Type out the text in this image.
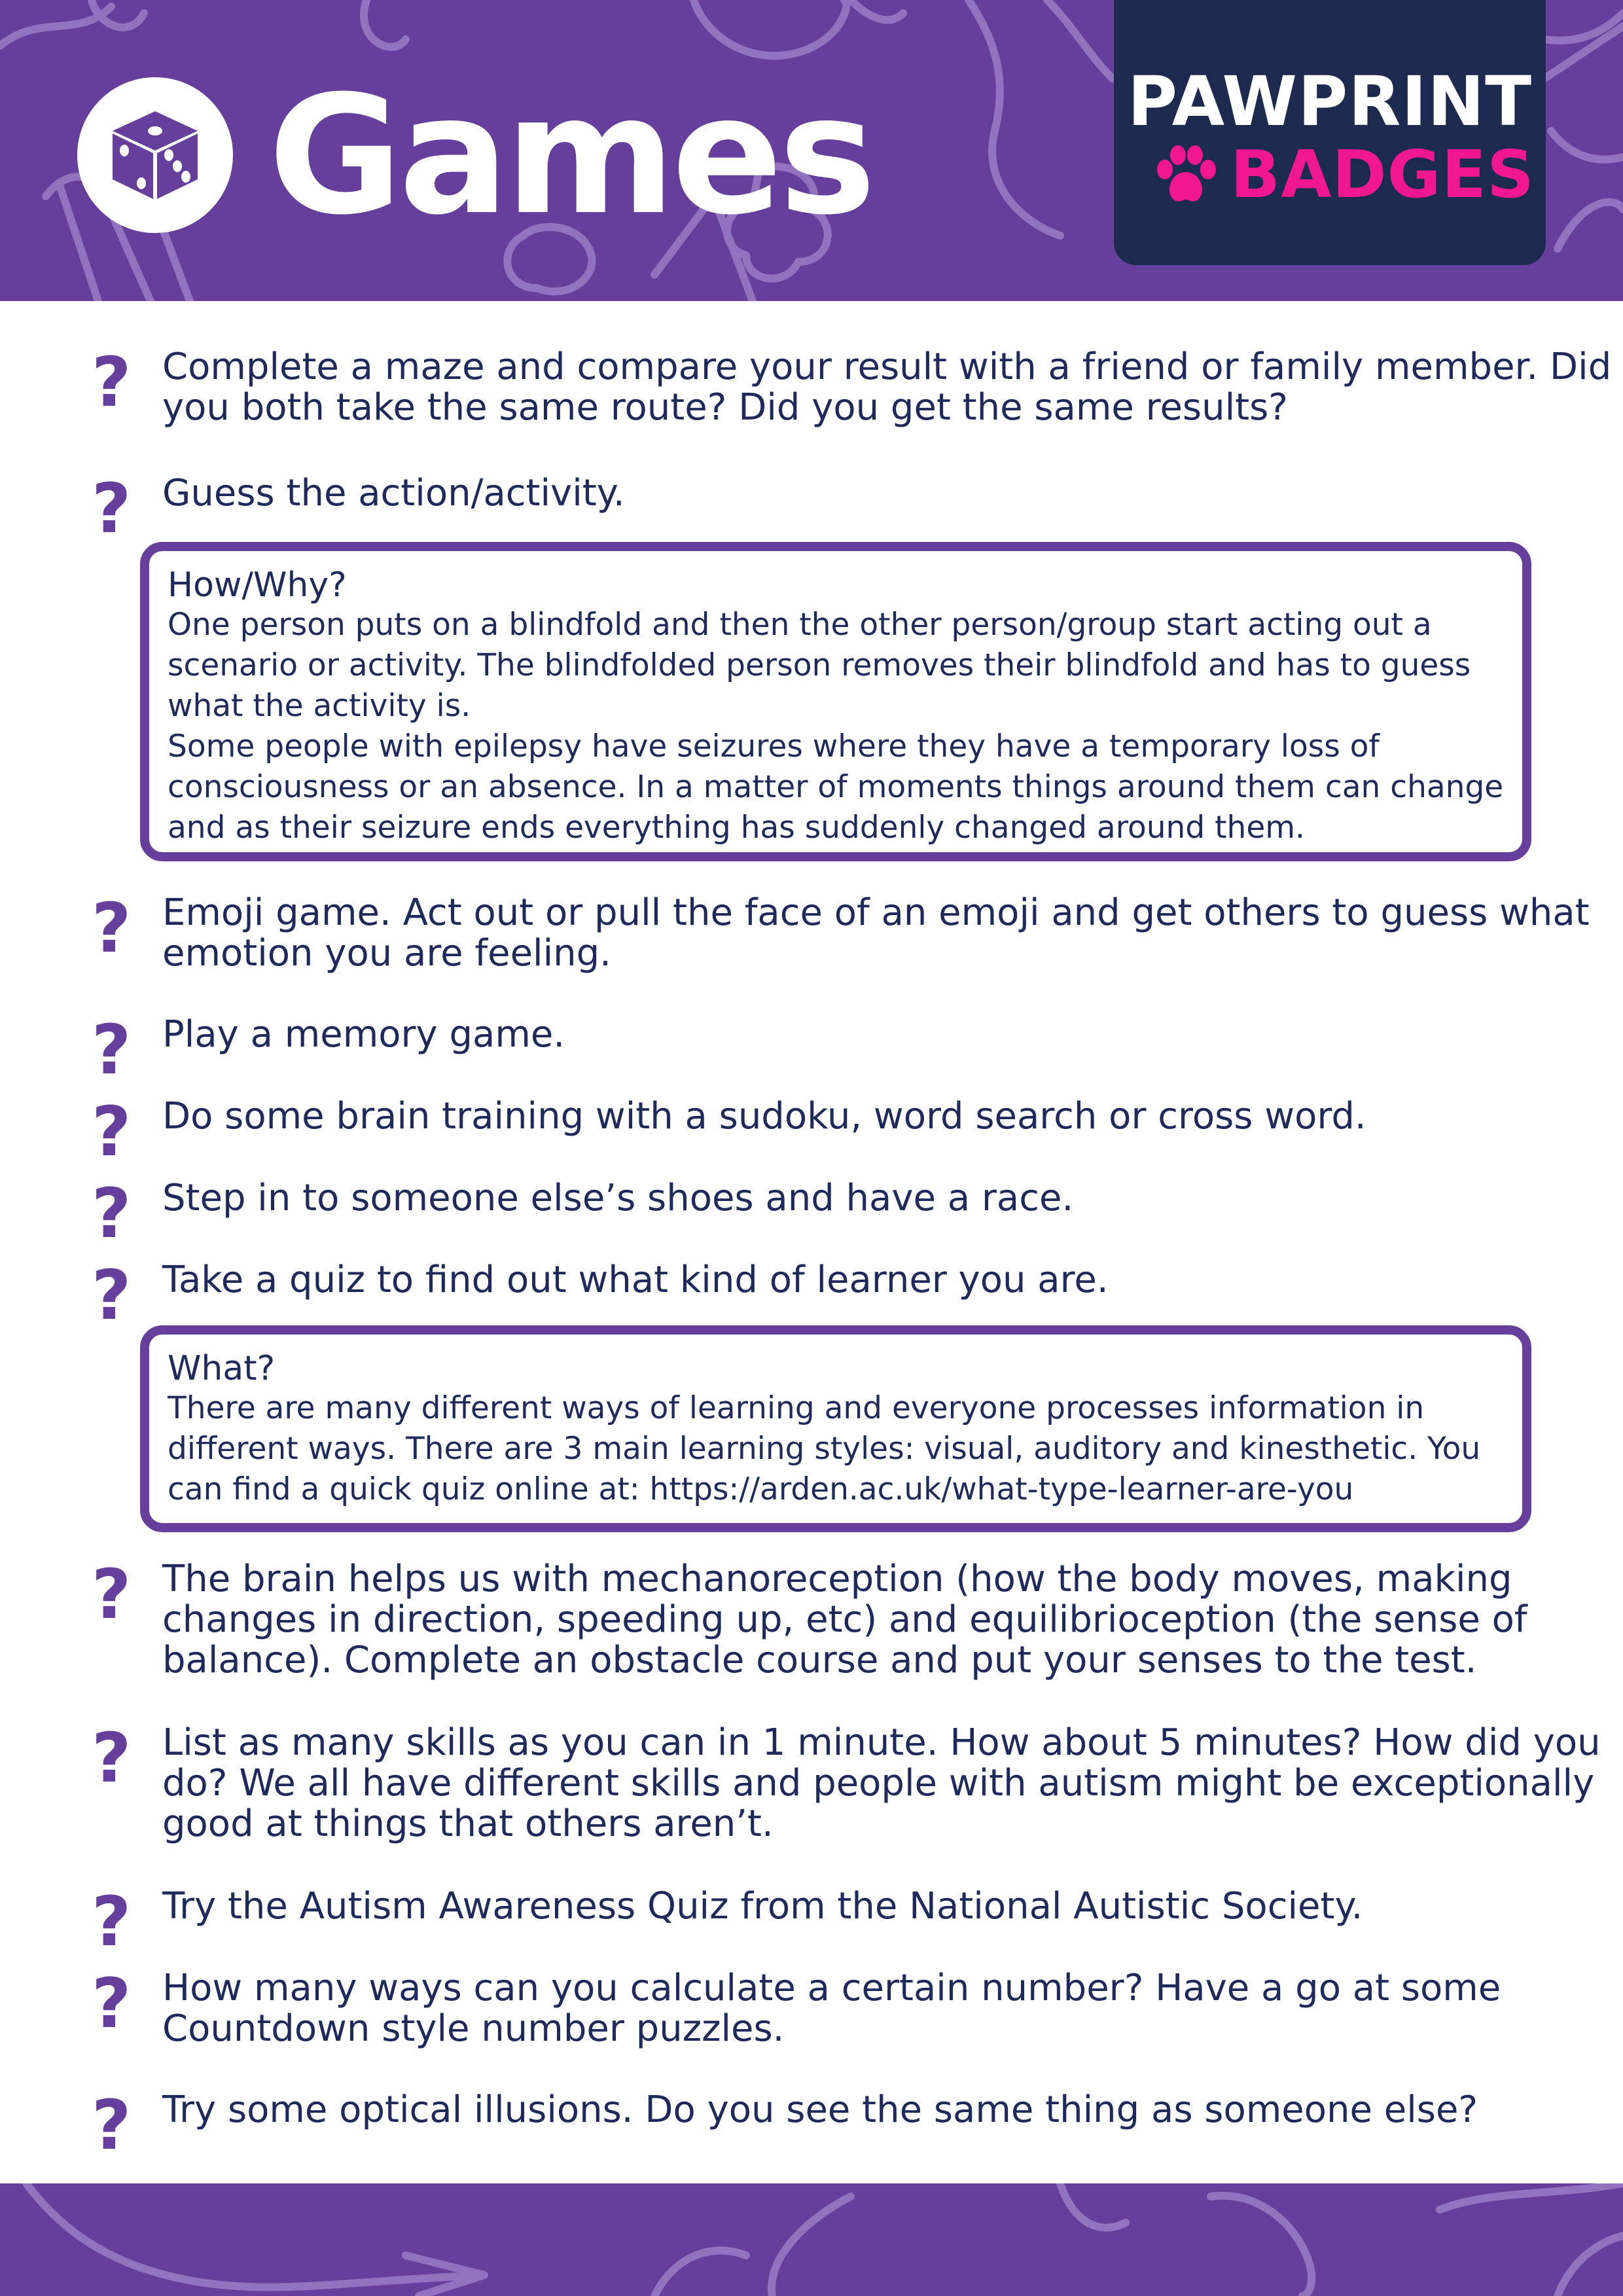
Games	PAWPRINT
BADGES
? Complete a maze and compare your result with a friend or family member. Did you both take the same route? Did you get the same results?
? Guess the action/activity.
How/Why?
One person puts on a blindfold and then the other person/group start acting out a scenario or activity. The blindfolded person removes their blindfold and has to guess what the activity is.
Some people with epilepsy have seizures where they have a temporary loss of consciousness or an absence. In a matter of moments things around them can change and as their seizure ends everything has suddenly changed around them.
? Emoji game. Act out or pull the face of an emoji and get others to guess what emotion you are feeling.
? Play a memory game.
? Do some brain training with a sudoku, word search or cross word.
? Step in to someone else’s shoes and have a race.
? Take a quiz to find out what kind of learner you are.
What?
There are many different ways of learning and everyone processes information in different ways. There are 3 main learning styles: visual, auditory and kinesthetic. You can find a quick quiz online at: https://arden.ac.uk/what-type-learner-are-you
? The brain helps us with mechanoreception (how the body moves, making changes in direction, speeding up, etc) and equilibrioception (the sense of balance). Complete an obstacle course and put your senses to the test.
? List as many skills as you can in 1 minute. How about 5 minutes? How did you do? We all have different skills and people with autism might be exceptionally good at things that others aren’t.
? Try the Autism Awareness Quiz from the National Autistic Society.
? How many ways can you calculate a certain number? Have a go at some Countdown style number puzzles.
? Try some optical illusions. Do you see the same thing as someone else?
